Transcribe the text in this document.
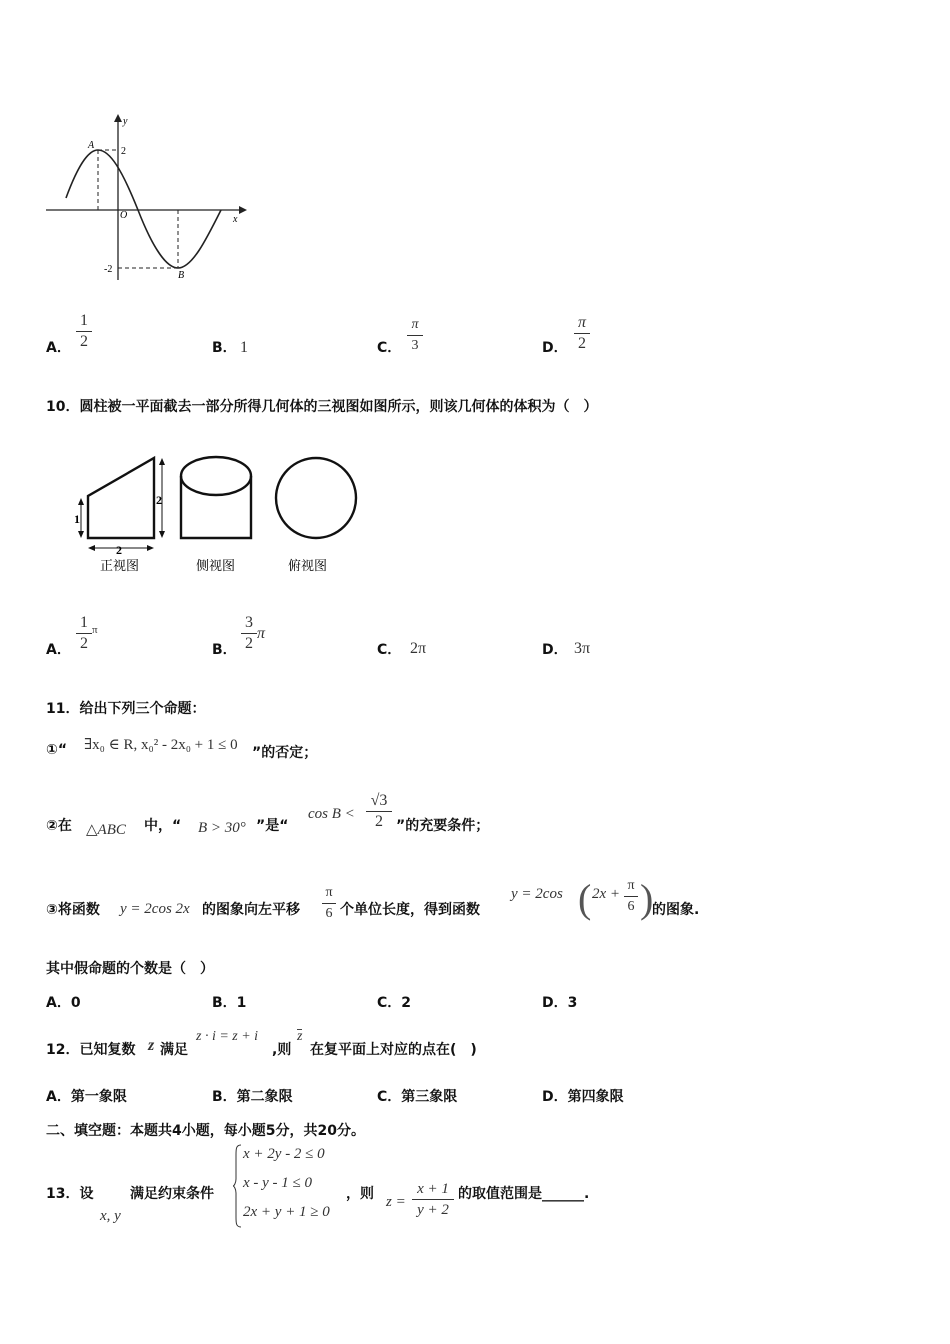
y
x
O
A
B
2
-2
A．
1
2	B． 1	C．
π
3	D．
π
2
10．圆柱被一平面截去一部分所得几何体的三视图如图所示，则该几何体的体积为（　）
1
2
2
正视图	侧视图	俯视图
A．
1
2
π
B．
3
2
π
C． 2π	D． 3π
11．给出下列三个命题：
①“ ∃x₀ ∈ R, x₀² - 2x₀ + 1 ≤ 0 ”的否定；
②在 △ABC 中，“ B > 30° ”是“
cos B <
√3
2 ”的充要条件；
③将函数 y = 2cos 2x 的图象向左平移
π
6 个单位长度，得到函数
y = 2cos ( 2x +
π
6 )
的图象.
其中假命题的个数是（　）
A．0	B．1	C．2	D．3
12．已知复数 z 满足
z · i = z + i
,则
z
在复平面上对应的点在(　)
A．第一象限	B．第二象限	C．第三象限	D．第四象限
二、填空题：本题共4小题，每小题5分，共20分。
13．设
x, y
满足约束条件
x + 2y - 2 ≤ 0
x - y - 1 ≤ 0
2x + y + 1 ≥ 0
，则 z =
x + 1
y + 2
的取值范围是______.
